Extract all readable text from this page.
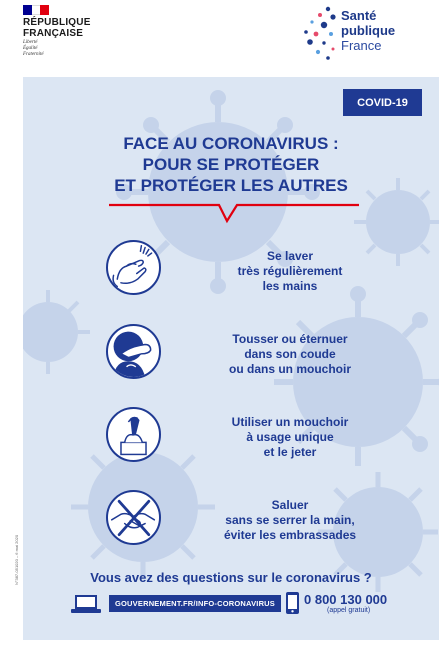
RÉPUBLIQUE
FRANÇAISE
Liberté
Égalité
Fraternité
Santé
publique
France
COVID-19
FACE AU CORONAVIRUS :
POUR SE PROTÉGER
ET PROTÉGER LES AUTRES
Se laver
très régulièrement
les mains
Tousser ou éternuer
dans son coude
ou dans un mouchoir
Utiliser un mouchoir
à usage unique
et le jeter
Saluer
sans se serrer la main,
éviter les embrassades
Vous avez des questions sur le coronavirus ?
GOUVERNEMENT.FR/INFO-CORONAVIRUS	0 800 130 000
(appel gratuit)
N°387-051020 – 6 mai 2020
